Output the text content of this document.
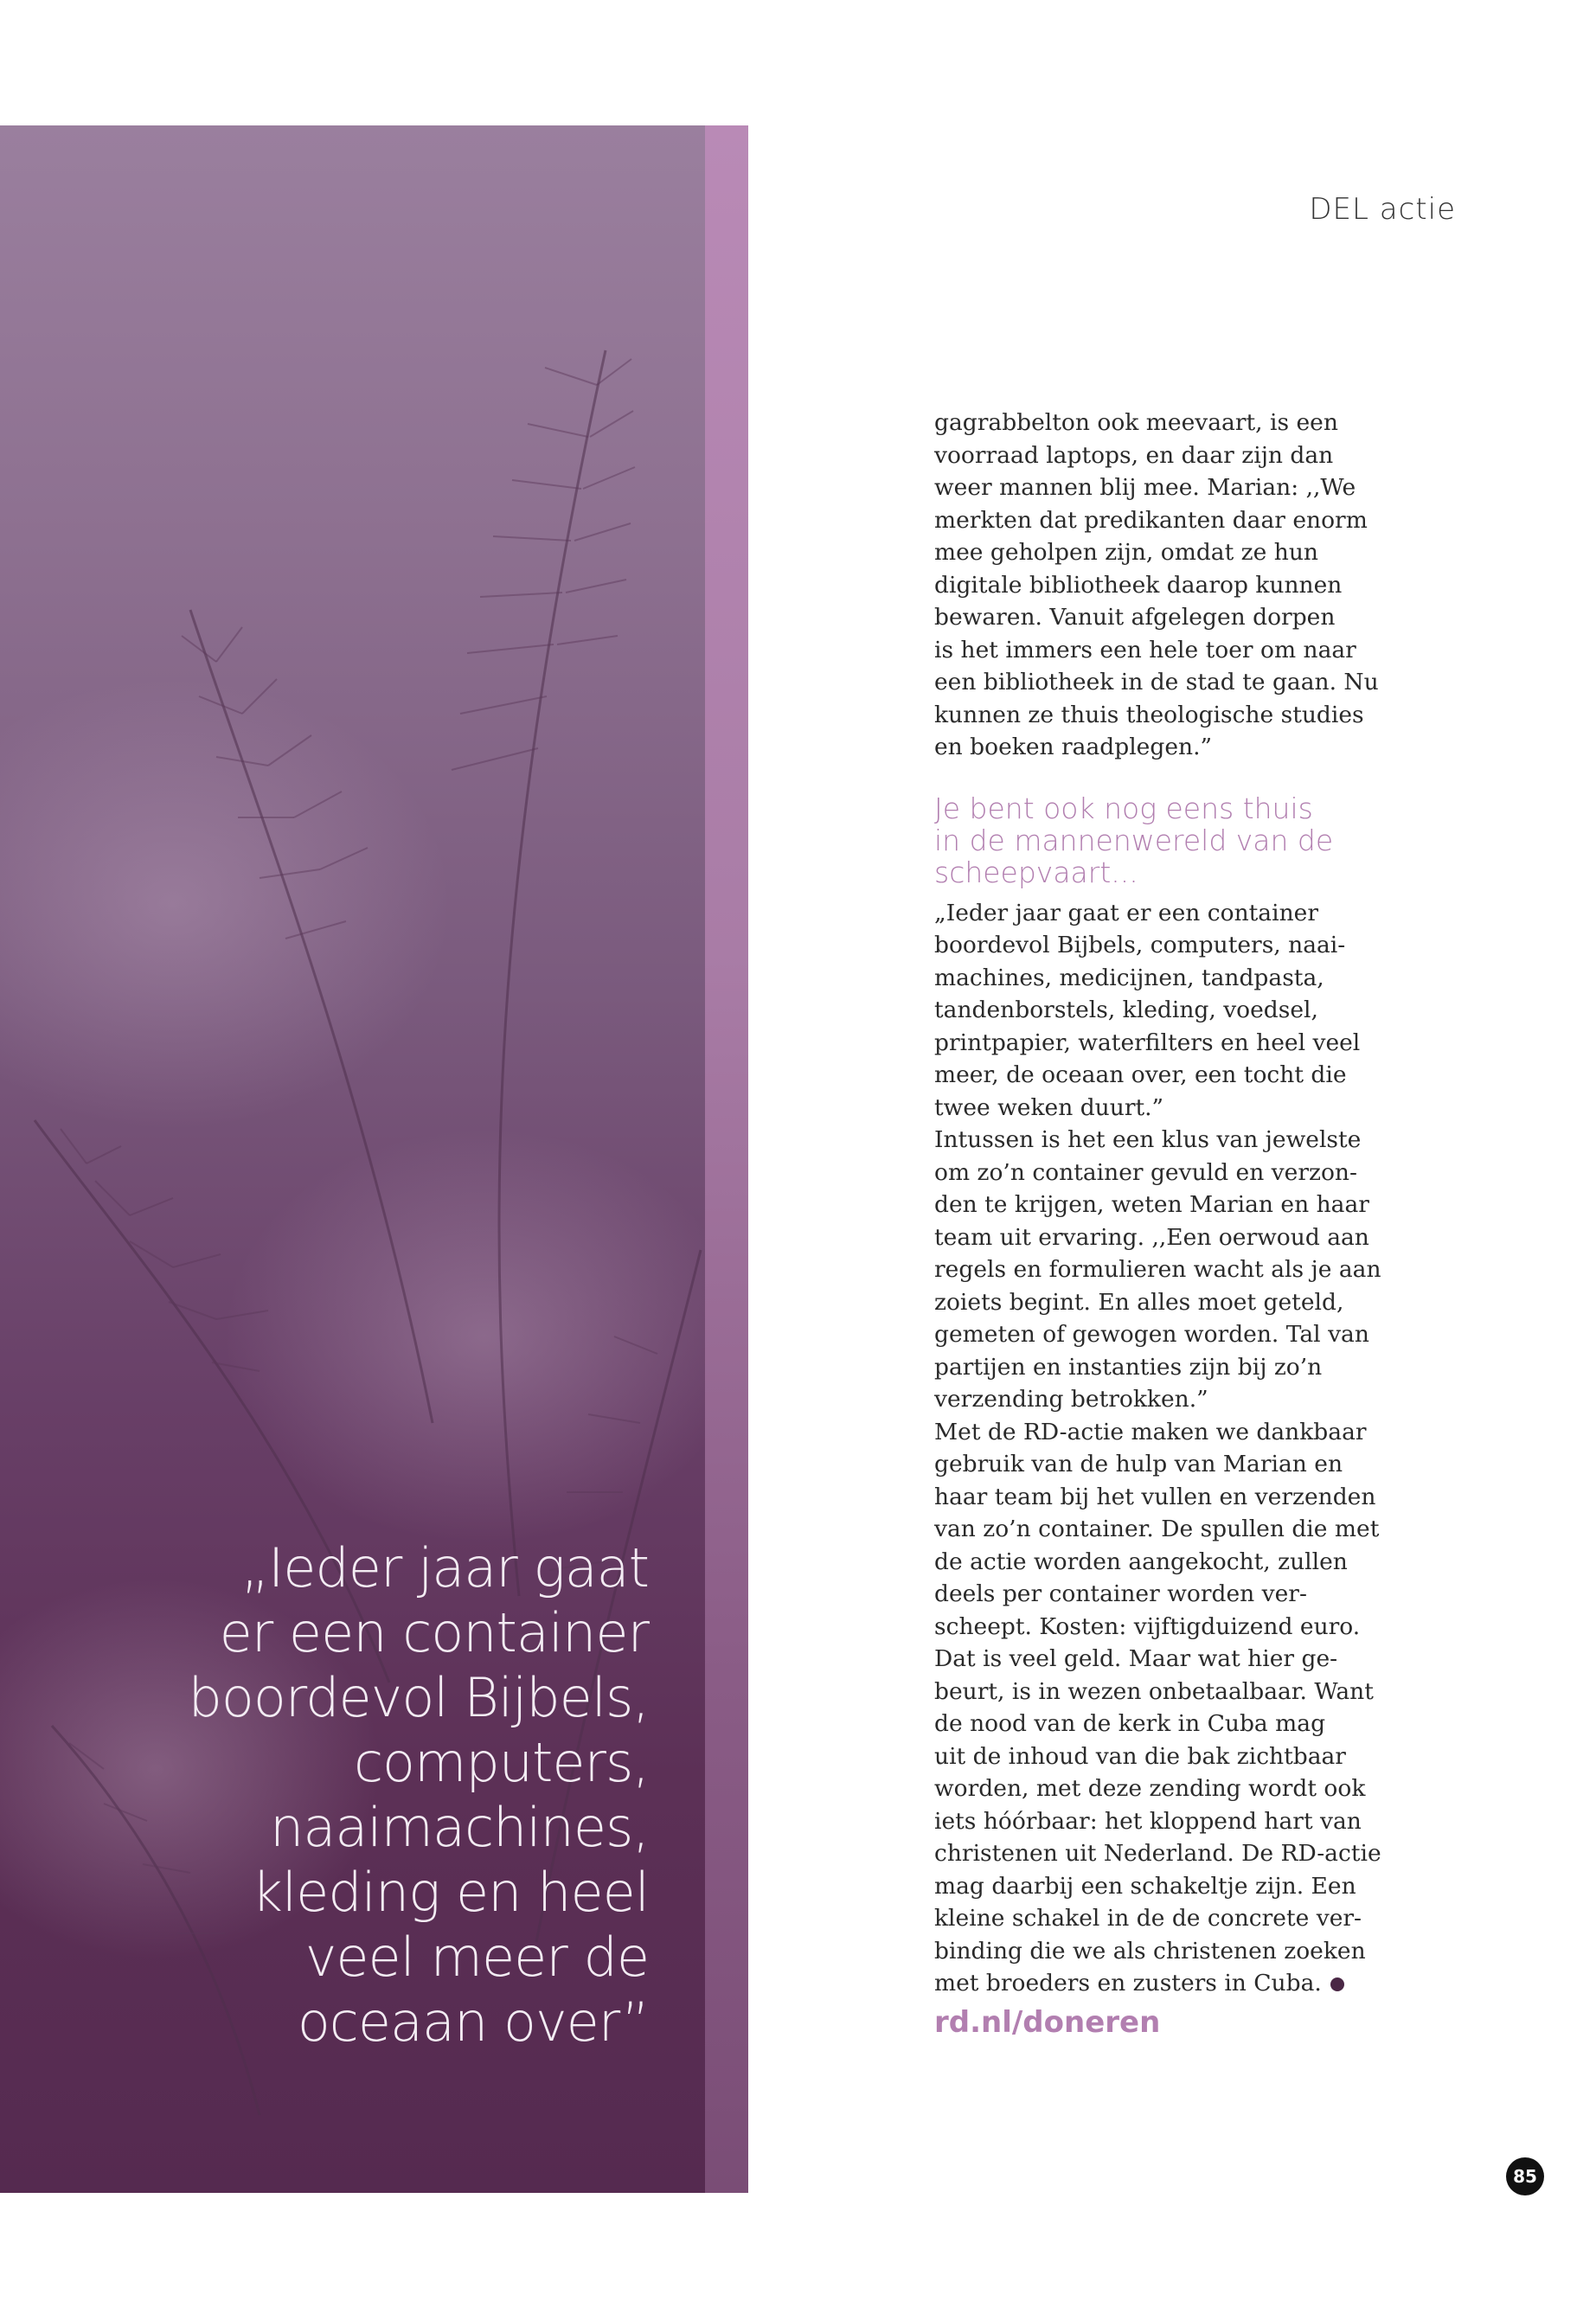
„Ieder jaar gaat
er een container
boordevol Bijbels,
computers,
naaimachines,
kleding en heel
veel meer de
oceaan over”
DEL actie

gagrabbelton ook meevaart, is een
voorraad laptops, en daar zijn dan
weer mannen blij mee. Marian: ,,We
merkten dat predikanten daar enorm
mee geholpen zijn, omdat ze hun
digitale bibliotheek daarop kunnen
bewaren. Vanuit afgelegen dorpen
is het immers een hele toer om naar
een bibliotheek in de stad te gaan. Nu
kunnen ze thuis theologische studies
en boeken raadplegen.”

Je bent ook nog eens thuis
in de mannenwereld van de
scheepvaart...

„Ieder jaar gaat er een container
boordevol Bijbels, computers, naai-
machines, medicijnen, tandpasta,
tandenborstels, kleding, voedsel,
printpapier, waterfilters en heel veel
meer, de oceaan over, een tocht die
twee weken duurt.”

Intussen is het een klus van jewelste
om zo’n container gevuld en verzon-
den te krijgen, weten Marian en haar
team uit ervaring. ,,Een oerwoud aan
regels en formulieren wacht als je aan
zoiets begint. En alles moet geteld,
gemeten of gewogen worden. Tal van
partijen en instanties zijn bij zo’n
verzending betrokken.”

Met de RD-actie maken we dankbaar
gebruik van de hulp van Marian en
haar team bij het vullen en verzenden
van zo’n container. De spullen die met
de actie worden aangekocht, zullen
deels per container worden ver-
scheept. Kosten: vijftigduizend euro.
Dat is veel geld. Maar wat hier ge-
beurt, is in wezen onbetaalbaar. Want
de nood van de kerk in Cuba mag
uit de inhoud van die bak zichtbaar
worden, met deze zending wordt ook
iets hóórbaar: het kloppend hart van
christenen uit Nederland. De RD-actie
mag daarbij een schakeltje zijn. Een
kleine schakel in de de concrete ver-
binding die we als christenen zoeken
met broeders en zusters in Cuba.

rd.nl/doneren
85
